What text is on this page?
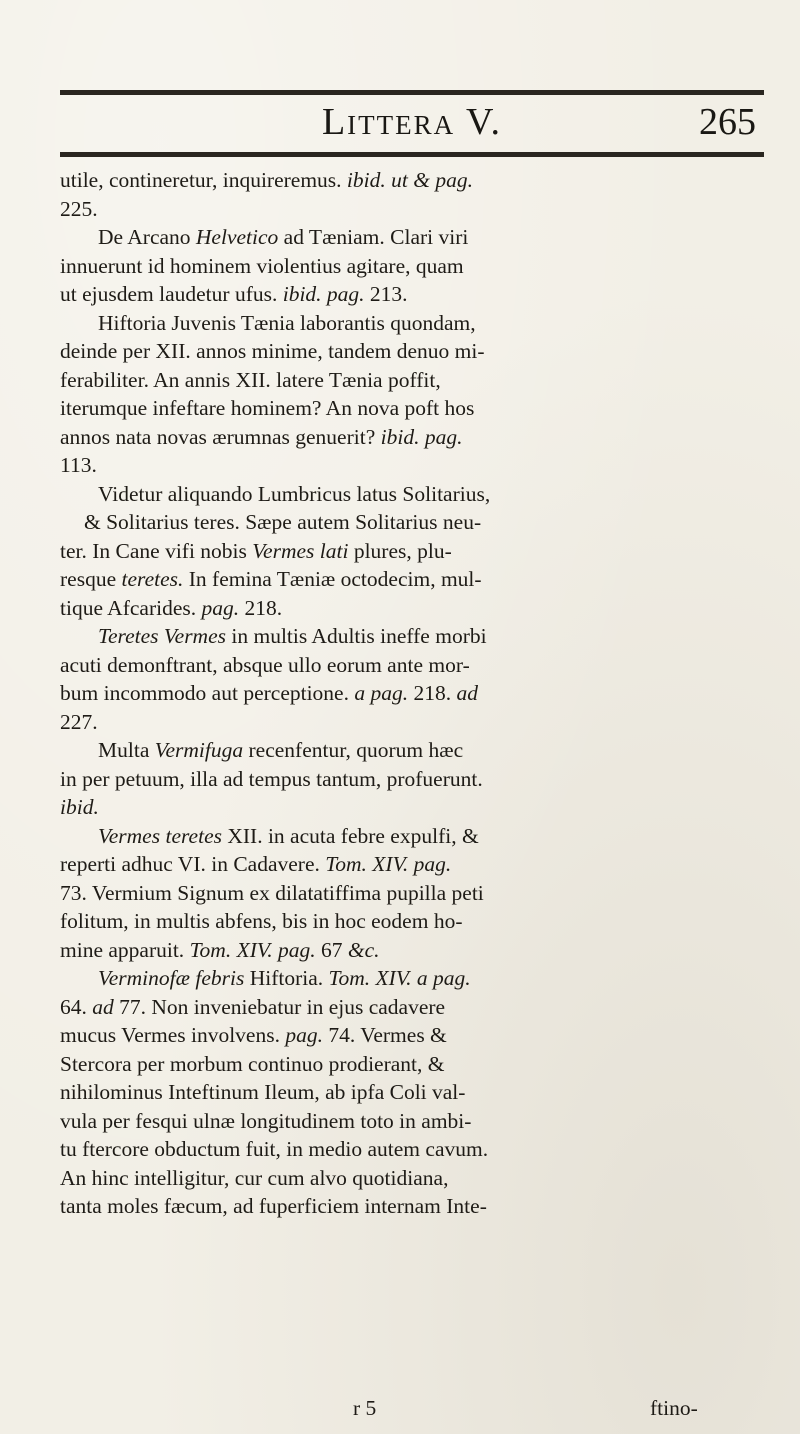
Littera V.	265
utile, contineretur, inquireremus. ibid. ut & pag.
225.
De Arcano Helvetico ad Tæniam. Clari viri
innuerunt id hominem violentius agitare, quam
ut ejusdem laudetur ufus. ibid. pag. 213.
Hiftoria Juvenis Tænia laborantis quondam,
deinde per XII. annos minime, tandem denuo mi-
ferabiliter. An annis XII. latere Tænia poffit,
iterumque infeftare hominem? An nova poft hos
annos nata novas ærumnas genuerit? ibid. pag.
113.
Videtur aliquando Lumbricus latus Solitarius,
& Solitarius teres. Sæpe autem Solitarius neu-
ter. In Cane vifi nobis Vermes lati plures, plu-
resque teretes. In femina Tæniæ octodecim, mul-
tique Afcarides. pag. 218.
Teretes Vermes in multis Adultis ineffe morbi
acuti demonftrant, absque ullo eorum ante mor-
bum incommodo aut perceptione. a pag. 218. ad
227.
Multa Vermifuga recenfentur, quorum hæc
in per petuum, illa ad tempus tantum, profuerunt.
ibid.
Vermes teretes XII. in acuta febre expulfi, &
reperti adhuc VI. in Cadavere. Tom. XIV. pag.
73. Vermium Signum ex dilatatiffima pupilla peti
folitum, in multis abfens, bis in hoc eodem ho-
mine apparuit. Tom. XIV. pag. 67 &c.
Verminofæ febris Hiftoria. Tom. XIV. a pag.
64. ad 77. Non inveniebatur in ejus cadavere
mucus Vermes involvens. pag. 74. Vermes &
Stercora per morbum continuo prodierant, &
nihilominus Inteftinum Ileum, ab ipfa Coli val-
vula per fesqui ulnæ longitudinem toto in ambi-
tu ftercore obductum fuit, in medio autem cavum.
An hinc intelligitur, cur cum alvo quotidiana,
tanta moles fæcum, ad fuperficiem internam Inte-
r 5	ftino-
